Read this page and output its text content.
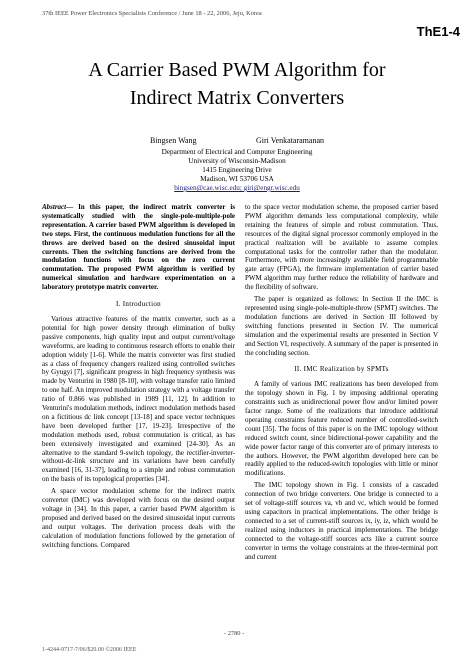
37th IEEE Power Electronics Specialists Conference / June 18 - 22, 2006, Jeju, Korea
ThE1-4
A Carrier Based PWM Algorithm for
Indirect Matrix Converters
Bingsen Wang	Giri Venkataramanan
Department of Electrical and Computer Engineering
University of Wisconsin-Madison
1415 Engineering Drive
Madison, WI 53706 USA
bingsen@cae.wisc.edu; giri@engr.wisc.edu

Abstract— In this paper, the indirect matrix converter is systematically studied with the single-pole-multiple-pole representation. A carrier based PWM algorithm is developed in two steps. First, the continuous modulation functions for all the throws are derived based on the desired sinusoidal input currents. Then the switching functions are derived from the modulation functions with focus on the zero current commutation. The proposed PWM algorithm is verified by numerical simulation and hardware experimentation on a laboratory prototype matrix converter.

I. Introduction

Various attractive features of the matrix converter, such as a potential for high power density through elimination of bulky passive components, high quality input and output current/voltage waveforms, are leading to continuous research efforts to enable their adoption widely [1-6]. While the matrix converter was first studied as a class of frequency changers realized using controlled switches by Gyugyi [7], significant progress in high frequency synthesis was made by Venturini in 1980 [8-10], with voltage transfer ratio limited to one half. An improved modulation strategy with a voltage transfer ratio of 0.866 was published in 1989 [11, 12]. In addition to Venturini's modulation methods, indirect modulation methods based on a fictitious dc link concept [13-18] and space vector techniques have been developed further [17, 19-23]. Irrespective of the modulation methods used, robust commutation is critical, as has been extensively investigated and examined [24-30]. As an alternative to the standard 9-switch topology, the rectifier-inverter-without-dc-link structure and its variations have been carefully examined [16, 31-37], leading to a simple and robust commutation on the basis of its topological properties [34].

A space vector modulation scheme for the indirect matrix converter (IMC) was developed with focus on the desired output voltage in [34]. In this paper, a carrier based PWM algorithm is proposed and derived based on the desired sinusoidal input currents and output voltages. The derivation process deals with the calculation of modulation functions followed by the generation of switching functions. Compared

to the space vector modulation scheme, the proposed carrier based PWM algorithm demands less computational complexity, while retaining the features of simple and robust commutation. Thus, resources of the digital signal processor commonly employed in the practical realization will be available to assume complex computational tasks for the controller rather than the modulator. Furthermore, with more increasingly available field programmable gate array (FPGA), the firmware implementation of carrier based PWM algorithm may further reduce the reliability of hardware and the flexibility of software.

The paper is organized as follows: In Section II the IMC is represented using single-pole-multiple-throw (SPMT) switches. The modulation functions are derived in Section III followed by switching functions presented in Section IV. The numerical simulation and the experimental results are presented in Section V and Section VI, respectively. A summary of the paper is presented in the concluding section.

II. IMC Realization by SPMTs

A family of various IMC realizations has been developed from the topology shown in Fig. 1 by imposing additional operating constraints such as unidirectional power flow and/or limited power factor range. Some of the realizations that introduce additional operating constraints feature reduced number of controlled-switch count [35]. The focus of this paper is on the IMC topology without reduced switch count, since bidirectional-power capability and the wide power factor range of this converter are of primary interests to the authors. However, the PWM algorithm developed here can be readily applied to the reduced-switch topologies with little or minor modifications.

The IMC topology shown in Fig. 1 consists of a cascaded connection of two bridge converters. One bridge is connected to a set of voltage-stiff sources va, vb and vc, which would be formed using capacitors in practical implementations. The other bridge is connected to a set of current-stiff sources ix, iy, iz, which would be realized using inductors in practical implementations. The bridge connected to the voltage-stiff sources acts like a current source converter in terms the voltage constraints at the three-terminal port and current

- 2780 -
1-4244-9717-7/06/$20.00 ©2006 IEEE
